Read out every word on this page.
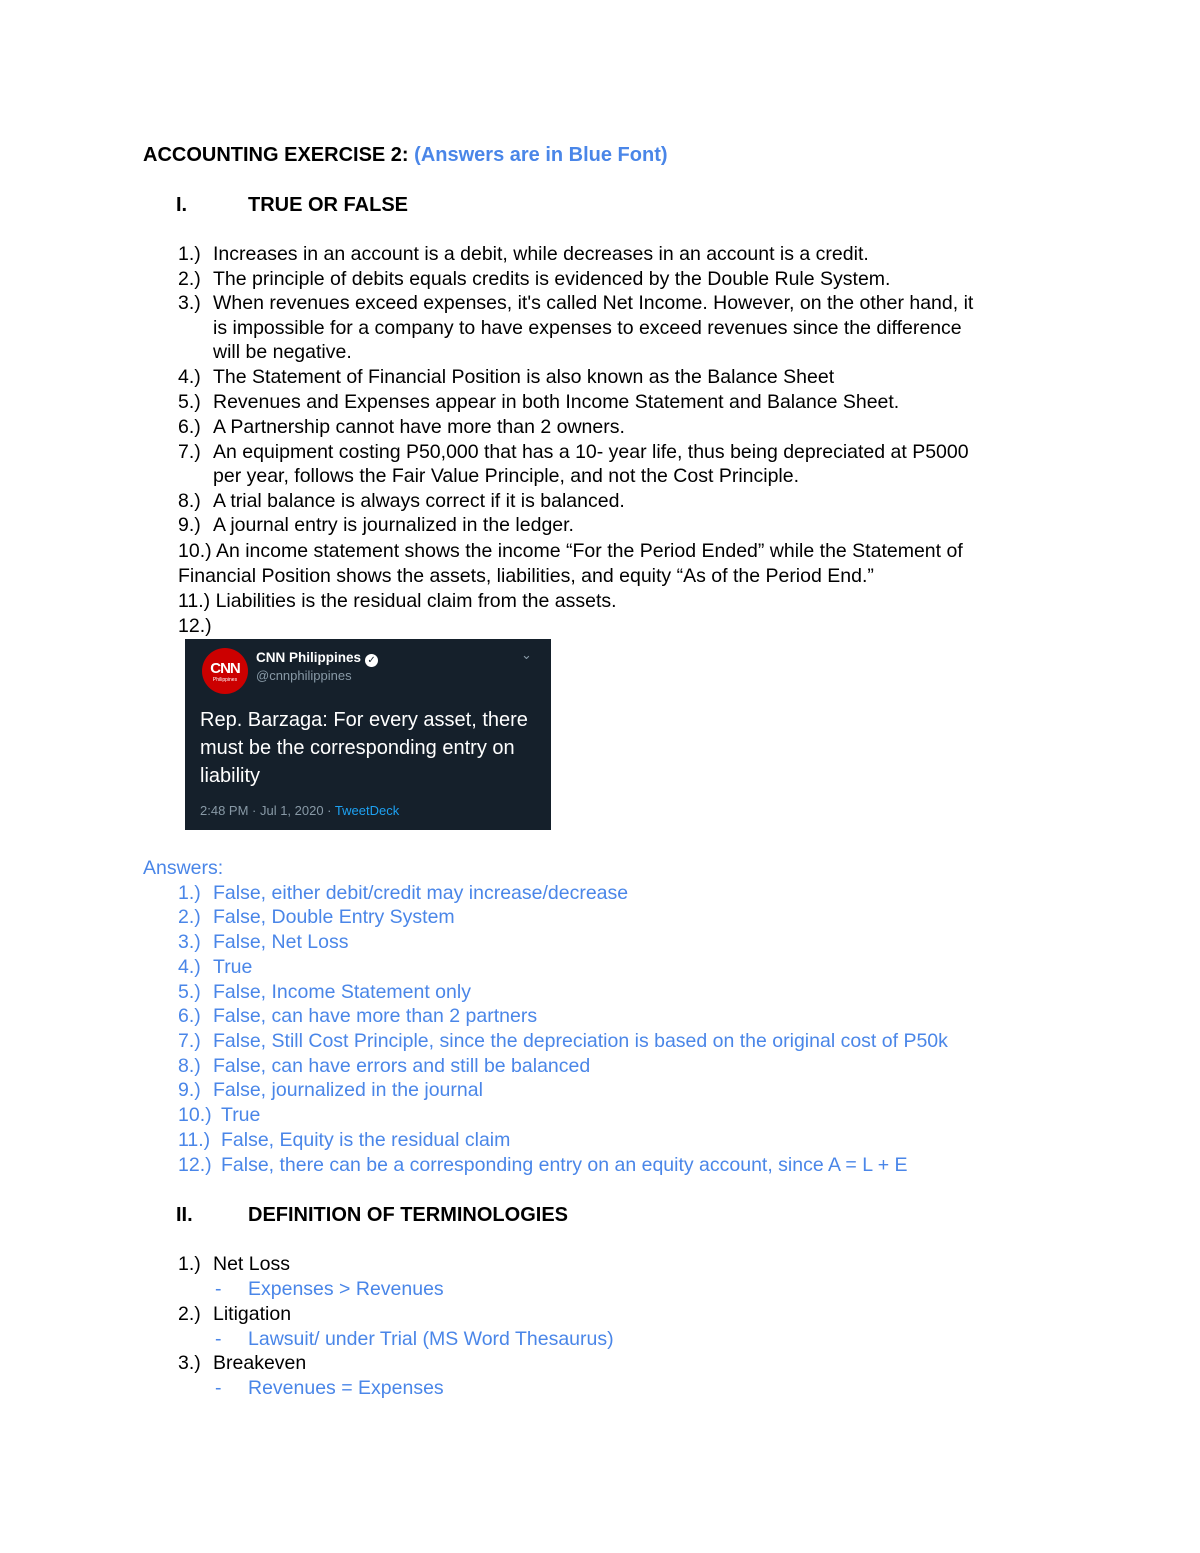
ACCOUNTING EXERCISE 2: (Answers are in Blue Font)
I.	TRUE OR FALSE
1.) Increases in an account is a debit, while decreases in an account is a credit.
2.) The principle of debits equals credits is evidenced by the Double Rule System.
3.) When revenues exceed expenses, it's called Net Income. However, on the other hand, it
is impossible for a company to have expenses to exceed revenues since the difference
will be negative.
4.) The Statement of Financial Position is also known as the Balance Sheet
5.) Revenues and Expenses appear in both Income Statement and Balance Sheet.
6.) A Partnership cannot have more than 2 owners.
7.) An equipment costing P50,000 that has a 10- year life, thus being depreciated at P5000
per year, follows the Fair Value Principle, and not the Cost Principle.
8.) A trial balance is always correct if it is balanced.
9.) A journal entry is journalized in the ledger.
10.) An income statement shows the income “For the Period Ended” while the Statement of
Financial Position shows the assets, liabilities, and equity “As of the Period End.”
11.) Liabilities is the residual claim from the assets.
12.)
CNN
Philippines
CNN Philippines ✓
@cnnphilippines
⌄
Rep. Barzaga: For every asset, there must be the corresponding entry on liability
2:48 PM · Jul 1, 2020 · TweetDeck
Answers:
1.) False, either debit/credit may increase/decrease
2.) False, Double Entry System
3.) False, Net Loss
4.) True
5.) False, Income Statement only
6.) False, can have more than 2 partners
7.) False, Still Cost Principle, since the depreciation is based on the original cost of P50k
8.) False, can have errors and still be balanced
9.) False, journalized in the journal
10.) True
11.) False, Equity is the residual claim
12.) False, there can be a corresponding entry on an equity account, since A = L + E
II.	DEFINITION OF TERMINOLOGIES
1.) Net Loss
- Expenses > Revenues
2.) Litigation
- Lawsuit/ under Trial (MS Word Thesaurus)
3.) Breakeven
- Revenues = Expenses
